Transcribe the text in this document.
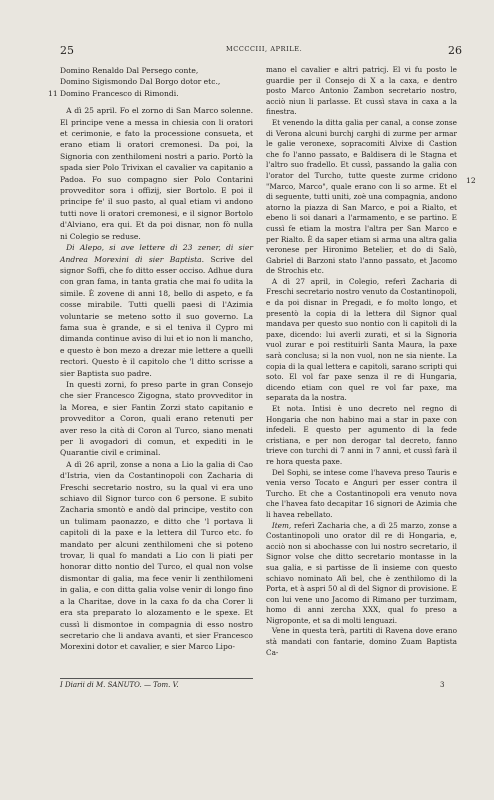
25	MCCCCIII, APRILE.	26
11
12
Domino Renaldo Dal Persego conte,
Domino Sigismondo Dal Borgo dotor etc.,
Domino Francesco di Rimondi.

A dì 25 april. Fo el zorno di San Marco solenne. El principe vene a messa in chiesia con li oratori et cerimonie, e fato la processione consueta, et erano etiam li oratori cremonesi. Da poi, la Signoria con zenthilomeni nostri a pario. Portò la spada sier Polo Trivixan el cavalier va capitanio a Padoa. Fo suo compagno sier Polo Contarini provveditor sora i offizij, sier Bortolo. E poi il principe fe' il suo pasto, al qual etiam vi andono tutti nove li oratori cremonesi, e il signor Bortolo d'Alviano, era qui. Et da poi disnar, non fò nulla ni Colegio se reduse.

Di Alepo, si ave lettere di 23 zener, di sier Andrea Morexini di sier Baptista. Scrive del signor Soffi, che fo ditto esser occiso. Adhue dura con gran fama, in tanta gratia che mai fo udita la simile. È zovene di anni 18, bello di aspeto, e fa cosse mirabile. Tutti quelli paesi di l'Azimia voluntarie se meteno sotto il suo governo. La fama sua è grande, e si el teniva il Cypro mi dimanda continue aviso di lui et io non li mancho, e questo è bon mezo a drezar mie lettere a quelli rectori. Questo è il capitolo che 'l ditto scrisse a sier Baptista suo padre.

In questi zorni, fo preso parte in gran Consejo che sier Francesco Zigogna, stato provveditor in la Morea, e sier Fantin Zorzi stato capitanio e provveditor a Coron, quali erano retenuti per aver reso la cità di Coron al Turco, siano menati per li avogadori di comun, et expediti in le Quarantie civil e criminal.

A dì 26 april, zonse a nona a Lio la galia di Cao d'Istria, vien da Costantinopoli con Zacharia di Freschi secretario nostro, su la qual vi era uno schiavo dil Signor turco con 6 persone. E subito Zacharia smontò e andò dal principe, vestito con un tulimam paonazzo, e ditto che 'l portava li capitoli di la paxe e la lettera dil Turco etc. fo mandato per alcuni zenthilomeni che si poteno trovar, li qual fo mandati a Lio con li piati per honorar ditto nontio del Turco, el qual non volse dismontar di galia, ma fece venir li zenthilomeni in galia, e con ditta galia volse venir di longo fino a la Charitae, dove in la caxa fo da cha Corer li era sta preparato lo alozamento e le spexe. Et cussì li dismontoe in compagnia di esso nostro secretario che li andava avanti, et sier Francesco Morexini dotor et cavalier, e sier Marco Lipo-

mano el cavalier e altri patricj. El vi fu posto le guardie per il Consejo di X a la caxa, e dentro posto Marco Antonio Zambon secretario nostro, acciò niun li parlasse. Et cussì stava in caxa a la finestra.

Et venendo la ditta galia per canal, a conse zonse di Verona alcuni burchj carghi di zurme per armar le galie veronexe, sopracomiti Alvixe di Castion che fo l'anno passato, e Baldisera di le Stagna et l'altro suo fradello. Et cussì, passando la galia con l'orator del Turcho, tutte queste zurme cridono "Marco, Marco", quale erano con li so arme. Et el di seguente, tutti uniti, zoè una compagnia, andono atorno la piazza di San Marco, e poi a Rialto, et ebeno li soi danari a l'armamento, e se partino. E cussì fe etiam la mostra l'altra per San Marco e per Rialto. È da saper etiam si arma una altra galia veronese per Hironimo Betelier, et do di Salò, Gabriel di Barzoni stato l'anno passato, et Jacomo de Strochis etc.

A dì 27 april, in Colegio, referì Zacharia di Freschi secretario nostro venuto da Costantinopoli, e da poi disnar in Pregadi, e fo molto longo, et presentò la copia di la lettera dil Signor qual mandava per questo suo nontio con li capitoli di la paxe, dicendo: lui averli zurati, et si la Signoria vuol zurar e poi restituirli Santa Maura, la paxe sarà conclusa; si la non vuol, non ne sia niente. La copia di la qual lettera e capitoli, sarano scripti qui soto. El vol far paxe senza il re di Hungaria, dicendo etiam con quel re vol far paxe, ma separata da la nostra.

Et nota. Intisi è uno decreto nel regno di Hongaria che non habino mai a star in paxe con infedeli. E questo per agumento di la fede cristiana, e per non derogar tal decreto, fanno trieve con turchi di 7 anni in 7 anni, et cussì farà il re hora questa paxe.

Del Sophi, se intese come l'haveva preso Tauris e venia verso Tocato e Anguri per esser contra il Turcho. Et che a Costantinopoli era venuto nova che l'havea fato decapitar 16 signori de Azimia che li havea rebellato.

Item, referì Zacharia che, a dì 25 marzo, zonse a Costantinopoli uno orator dil re di Hongaria, e, acciò non si abochasse con lui nostro secretario, il Signor volse che ditto secretario montasse in la sua galia, e si partisse de lì insieme con questo schiavo nominato Alì bel, che è zenthilomo di la Porta, et à aspri 50 al dì del Signor di provisione. E con lui vene uno Jacomo di Rimano per turzimam, homo di anni zercha XXX, qual fo preso a Nigroponte, et sa di molti lenguazi.

Vene in questa terà, partiti di Ravena dove erano stà mandati con fantarie, domino Zuam Baptista Ca-

I Diarii di M. SANUTO. — Tom. V.	3
